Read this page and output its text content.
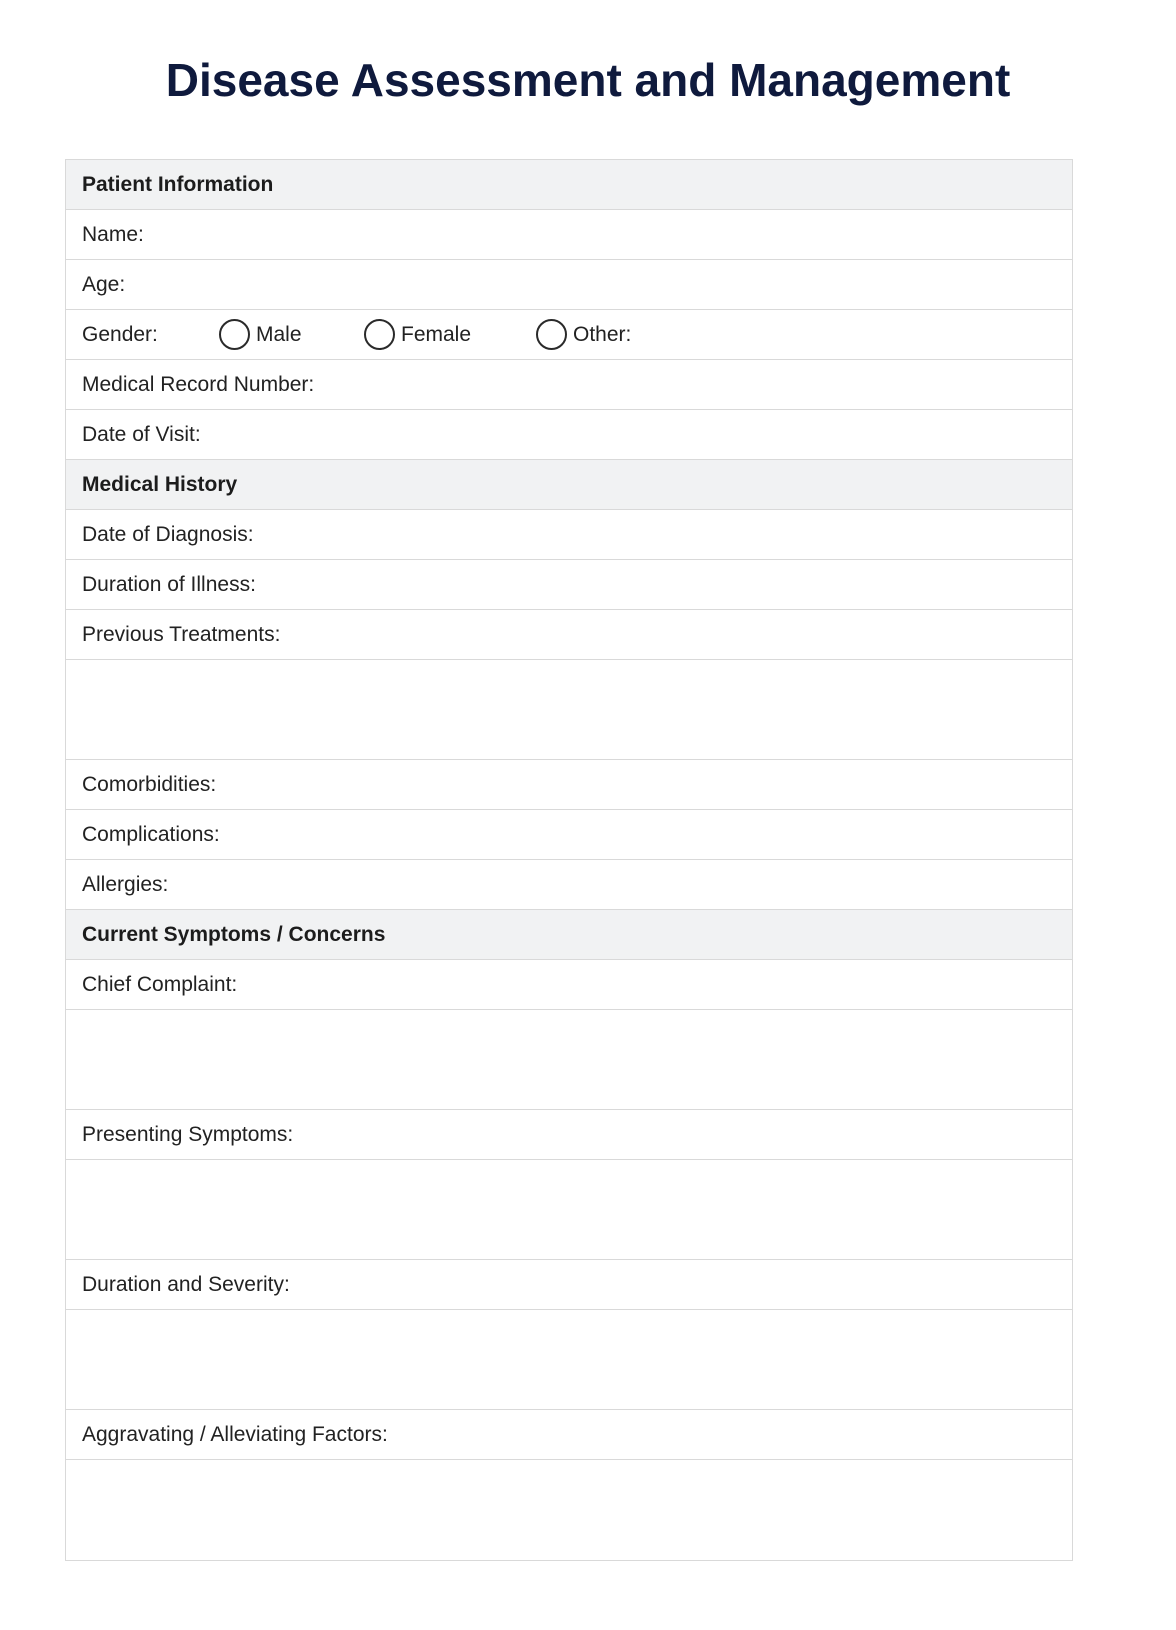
Disease Assessment and Management
Patient Information
Name:
Age:
Gender:	Male	Female	Other:
Medical Record Number:
Date of Visit:
Medical History
Date of Diagnosis:
Duration of Illness:
Previous Treatments:
Comorbidities:
Complications:
Allergies:
Current Symptoms / Concerns
Chief Complaint:
Presenting Symptoms:
Duration and Severity:
Aggravating / Alleviating Factors:
